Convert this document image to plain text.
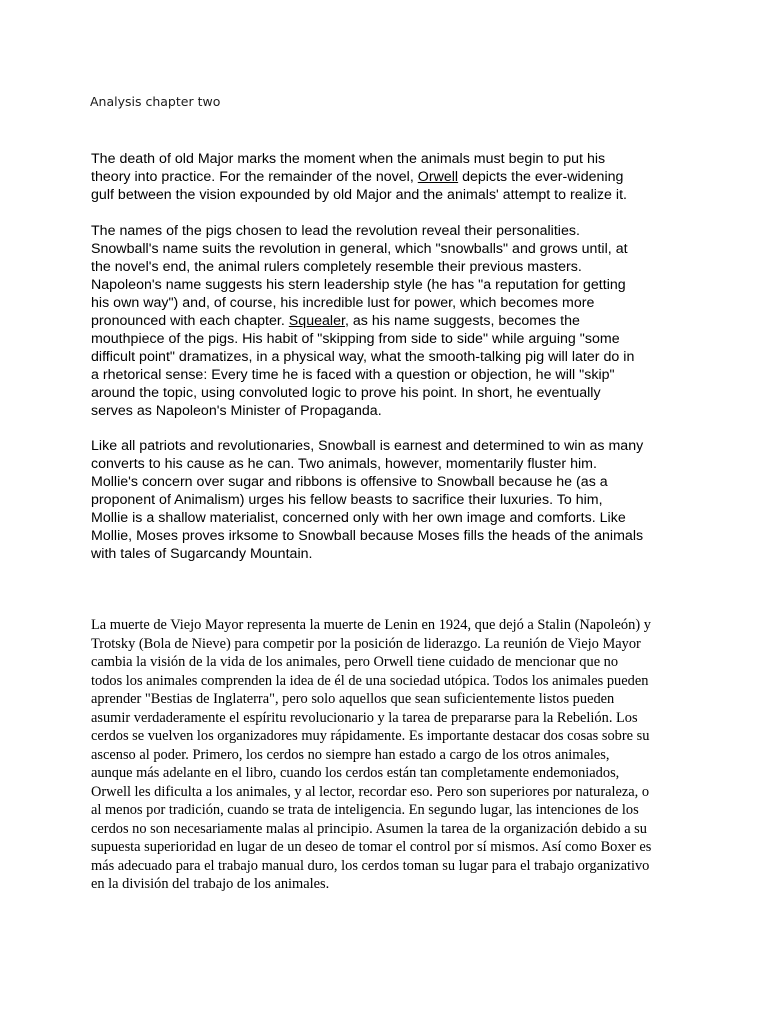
Analysis chapter two
The death of old Major marks the moment when the animals must begin to put his
theory into practice. For the remainder of the novel, Orwell depicts the ever-widening
gulf between the vision expounded by old Major and the animals' attempt to realize it.
The names of the pigs chosen to lead the revolution reveal their personalities.
Snowball's name suits the revolution in general, which "snowballs" and grows until, at
the novel's end, the animal rulers completely resemble their previous masters.
Napoleon's name suggests his stern leadership style (he has "a reputation for getting
his own way") and, of course, his incredible lust for power, which becomes more
pronounced with each chapter. Squealer, as his name suggests, becomes the
mouthpiece of the pigs. His habit of "skipping from side to side" while arguing "some
difficult point" dramatizes, in a physical way, what the smooth-talking pig will later do in
a rhetorical sense: Every time he is faced with a question or objection, he will "skip"
around the topic, using convoluted logic to prove his point. In short, he eventually
serves as Napoleon's Minister of Propaganda.
Like all patriots and revolutionaries, Snowball is earnest and determined to win as many
converts to his cause as he can. Two animals, however, momentarily fluster him.
Mollie's concern over sugar and ribbons is offensive to Snowball because he (as a
proponent of Animalism) urges his fellow beasts to sacrifice their luxuries. To him,
Mollie is a shallow materialist, concerned only with her own image and comforts. Like
Mollie, Moses proves irksome to Snowball because Moses fills the heads of the animals
with tales of Sugarcandy Mountain.
La muerte de Viejo Mayor representa la muerte de Lenin en 1924, que dejó a Stalin (Napoleón) y
Trotsky (Bola de Nieve) para competir por la posición de liderazgo. La reunión de Viejo Mayor
cambia la visión de la vida de los animales, pero Orwell tiene cuidado de mencionar que no
todos los animales comprenden la idea de él de una sociedad utópica. Todos los animales pueden
aprender "Bestias de Inglaterra", pero solo aquellos que sean suficientemente listos pueden
asumir verdaderamente el espíritu revolucionario y la tarea de prepararse para la Rebelión. Los
cerdos se vuelven los organizadores muy rápidamente. Es importante destacar dos cosas sobre su
ascenso al poder. Primero, los cerdos no siempre han estado a cargo de los otros animales,
aunque más adelante en el libro, cuando los cerdos están tan completamente endemoniados,
Orwell les dificulta a los animales, y al lector, recordar eso. Pero son superiores por naturaleza, o
al menos por tradición, cuando se trata de inteligencia. En segundo lugar, las intenciones de los
cerdos no son necesariamente malas al principio. Asumen la tarea de la organización debido a su
supuesta superioridad en lugar de un deseo de tomar el control por sí mismos. Así como Boxer es
más adecuado para el trabajo manual duro, los cerdos toman su lugar para el trabajo organizativo
en la división del trabajo de los animales.
